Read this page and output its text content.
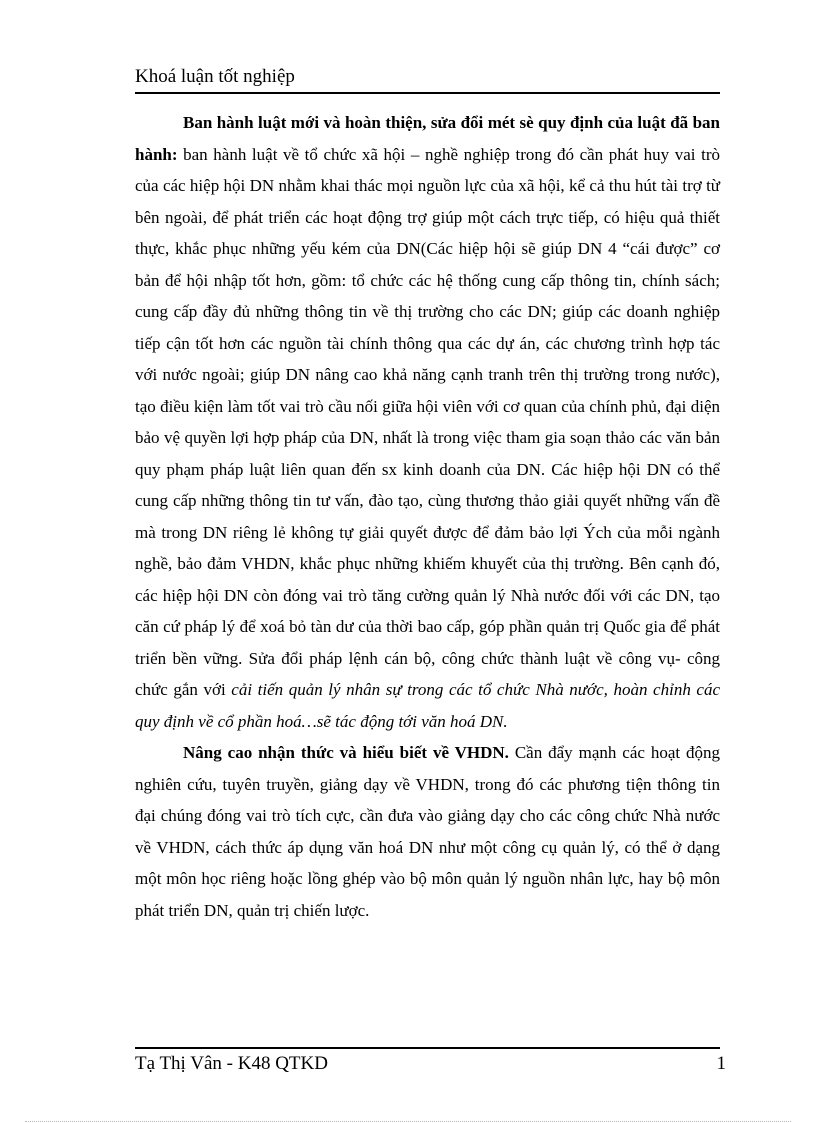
Khoá luận tốt nghiệp

Ban hành luật mới và hoàn thiện, sửa đổi mét sè quy định của luật đã ban hành: ban hành luật về tổ chức xã hội – nghề nghiệp trong đó cần phát huy vai trò của các hiệp hội DN nhằm khai thác mọi nguồn lực của xã hội, kể cả thu hút tài trợ từ bên ngoài, để phát triển các hoạt động trợ giúp một cách trực tiếp, có hiệu quả thiết thực, khắc phục những yếu kém của DN(Các hiệp hội sẽ giúp DN 4 “cái được” cơ bản để hội nhập tốt hơn, gồm: tổ chức các hệ thống cung cấp thông tin, chính sách; cung cấp đầy đủ những thông tin về thị trường cho các DN; giúp các doanh nghiệp tiếp cận tốt hơn các nguồn tài chính thông qua các dự án, các chương trình hợp tác với nước ngoài; giúp DN nâng cao khả năng cạnh tranh trên thị trường trong nước), tạo điều kiện làm tốt vai trò cầu nối giữa hội viên với cơ quan của chính phủ, đại diện bảo vệ quyền lợi hợp pháp của DN, nhất là trong việc tham gia soạn thảo các văn bản quy phạm pháp luật liên quan đến sx kinh doanh của DN. Các hiệp hội DN có thể cung cấp những thông tin tư vấn, đào tạo, cùng thương thảo giải quyết những vấn đề mà trong DN riêng lẻ không tự giải quyết được để đảm bảo lợi Ých của mỗi ngành nghề, bảo đảm VHDN, khắc phục những khiếm khuyết của thị trường. Bên cạnh đó, các hiệp hội DN còn đóng vai trò tăng cường quản lý Nhà nước đối với các DN, tạo căn cứ pháp lý để xoá bỏ tàn dư của thời bao cấp, góp phần quản trị Quốc gia để phát triển bền vững. Sửa đổi pháp lệnh cán bộ, công chức thành luật về công vụ- công chức gắn với cải tiến quản lý nhân sự trong các tổ chức Nhà nước, hoàn chỉnh các quy định về cổ phần hoá…sẽ tác động tới văn hoá DN.

Nâng cao nhận thức và hiểu biết về VHDN. Cần đẩy mạnh các hoạt động nghiên cứu, tuyên truyền, giảng dạy về VHDN, trong đó các phương tiện thông tin đại chúng đóng vai trò tích cực, cần đưa vào giảng dạy cho các công chức Nhà nước về VHDN, cách thức áp dụng văn hoá DN như một công cụ quản lý, có thể ở dạng một môn học riêng hoặc lồng ghép vào bộ môn quản lý nguồn nhân lực, hay bộ môn phát triển DN, quản trị chiến lược.

Tạ Thị Vân - K48 QTKD	1
